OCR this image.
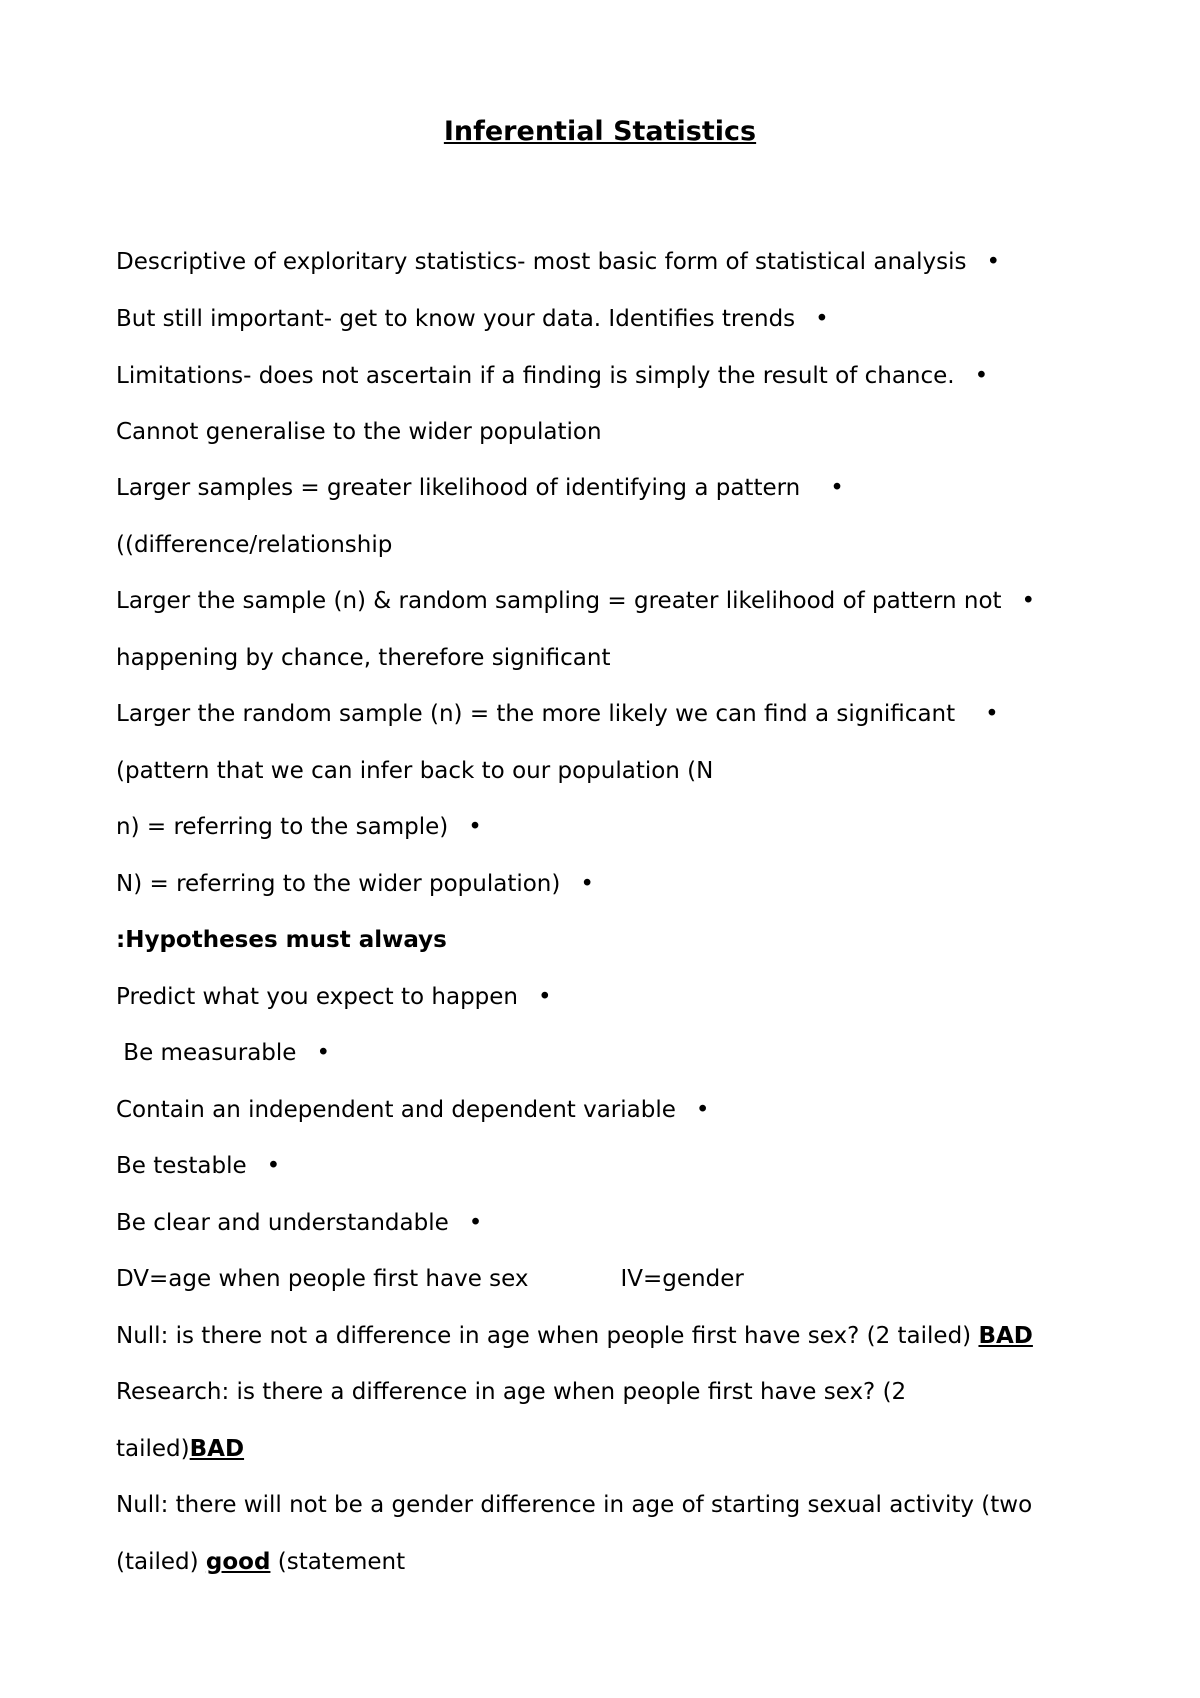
Inferential Statistics
Descriptive of exploritary statistics- most basic form of statistical analysis •
But still important- get to know your data. Identifies trends •
Limitations- does not ascertain if a finding is simply the result of chance. •
Cannot generalise to the wider population
Larger samples = greater likelihood of identifying a pattern •
((difference/relationship
Larger the sample (n) & random sampling = greater likelihood of pattern not •
happening by chance, therefore significant
Larger the random sample (n) = the more likely we can find a significant •
(pattern that we can infer back to our population (N
n) = referring to the sample) •
N) = referring to the wider population) •
:Hypotheses must always
Predict what you expect to happen •
Be measurable •
Contain an independent and dependent variable •
Be testable •
Be clear and understandable •
DV=age when people first have sex	IV=gender
Null: is there not a difference in age when people first have sex? (2 tailed) BAD
Research: is there a difference in age when people first have sex? (2
tailed)BAD
Null: there will not be a gender difference in age of starting sexual activity (two
(tailed) good (statement
